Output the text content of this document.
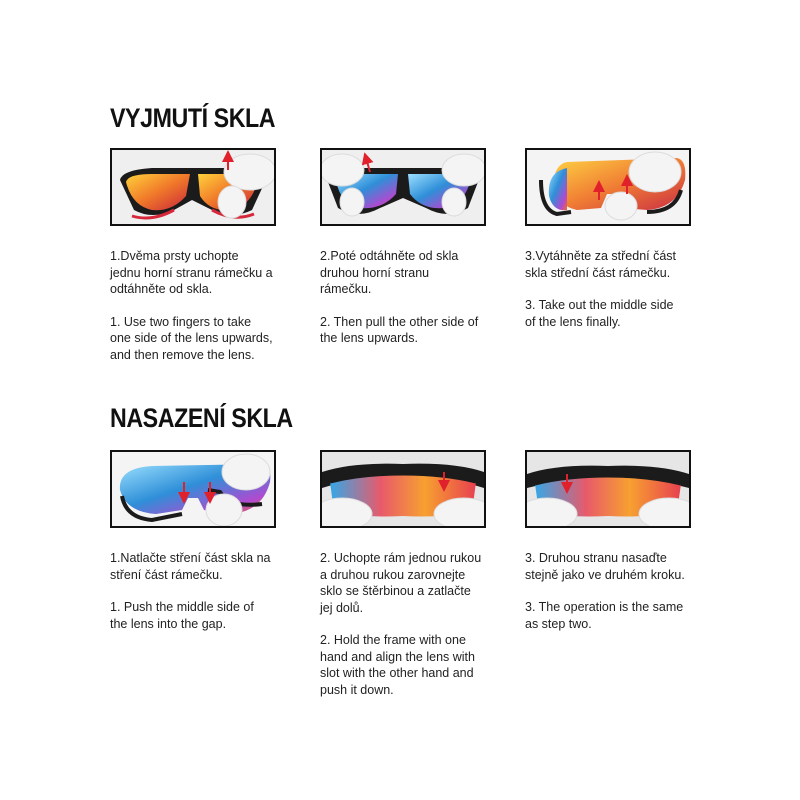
VYJMUTÍ SKLA
NASAZENÍ SKLA

1.Dvěma prsty uchopte
jednu horní stranu rámečku a
odtáhněte od skla.

1. Use two fingers to take
one side of the lens upwards,
and then remove the lens.

2.Poté odtáhněte od skla
druhou horní stranu
rámečku.

2. Then pull the other side of
the lens upwards.

3.Vytáhněte za střední část
skla střední část rámečku.

3. Take out the middle side
of the lens finally.

1.Natlačte stření část skla na
stření část rámečku.

1. Push the middle side of
the lens into the gap.

2. Uchopte rám jednou rukou
a druhou rukou zarovnejte
sklo se štěrbinou a zatlačte
jej dolů.

2. Hold the frame with one
hand and align the lens with
slot with the other hand and
push it down.

3. Druhou stranu nasaďte
stejně jako ve druhém kroku.

3. The operation is the same
as step two.
